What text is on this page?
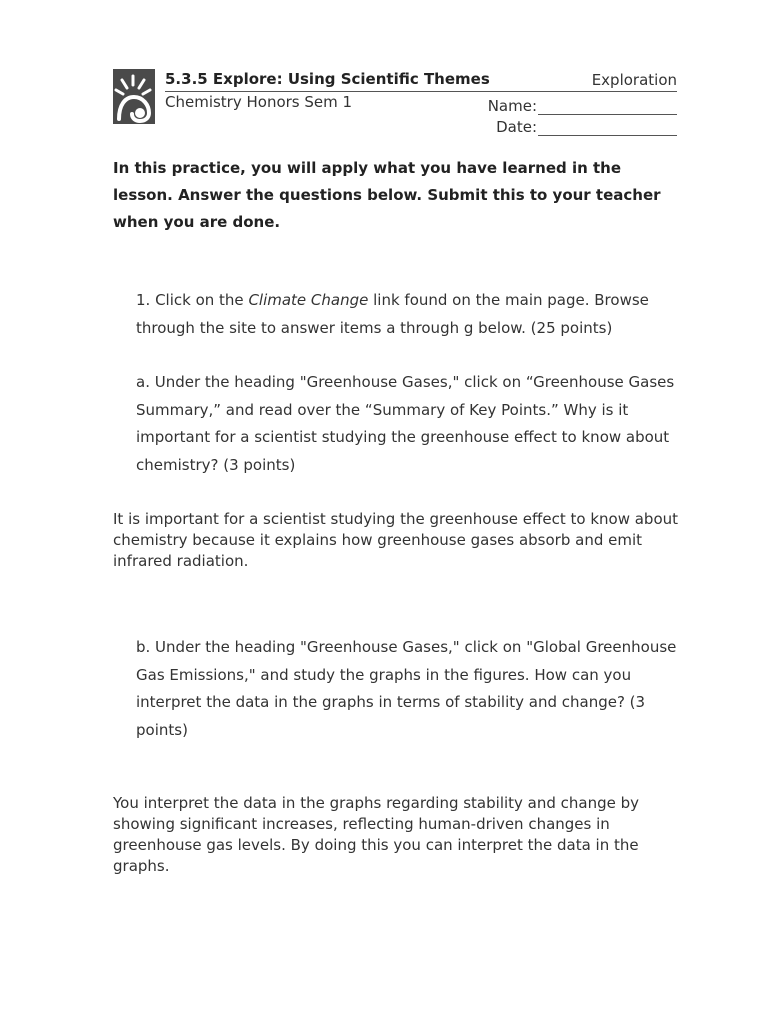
5.3.5 Explore: Using Scientific Themes	Exploration
Chemistry Honors Sem 1	Name:
Date:

In this practice, you will apply what you have learned in the lesson. Answer the questions below. Submit this to your teacher when you are done.

1. Click on the Climate Change link found on the main page. Browse through the site to answer items a through g below. (25 points)

a. Under the heading "Greenhouse Gases," click on “Greenhouse Gases Summary,” and read over the “Summary of Key Points.” Why is it important for a scientist studying the greenhouse effect to know about chemistry? (3 points)

It is important for a scientist studying the greenhouse effect to know about chemistry because it explains how greenhouse gases absorb and emit infrared radiation.

b. Under the heading "Greenhouse Gases," click on "Global Greenhouse Gas Emissions," and study the graphs in the figures. How can you interpret the data in the graphs in terms of stability and change? (3 points)

You interpret the data in the graphs regarding stability and change by showing significant increases, reflecting human-driven changes in greenhouse gas levels. By doing this you can interpret the data in the graphs.
